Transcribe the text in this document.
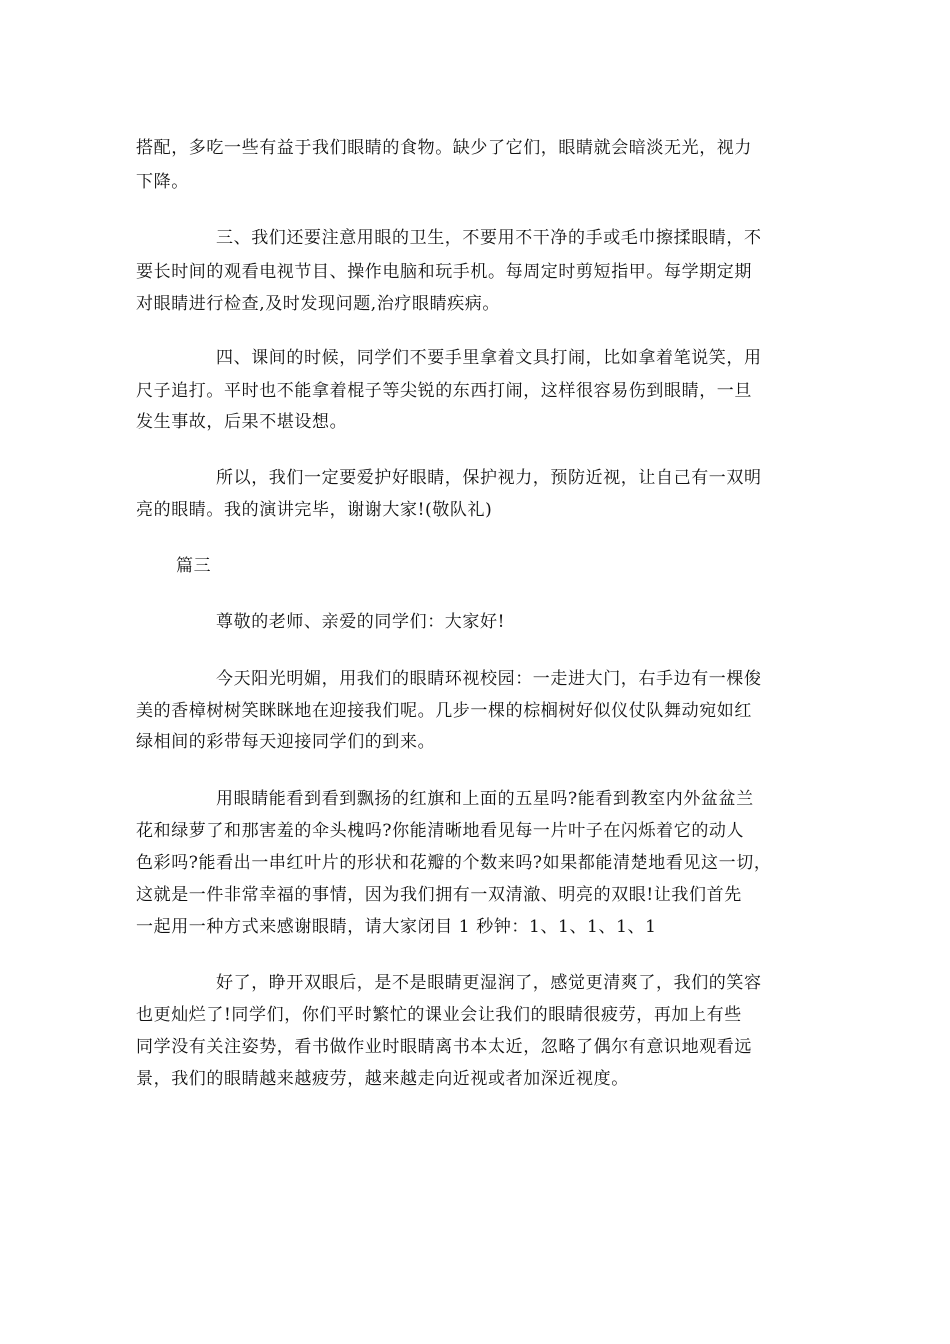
搭配，多吃一些有益于我们眼睛的食物。缺少了它们，眼睛就会暗淡无光，视力
下降。
三、我们还要注意用眼的卫生，不要用不干净的手或毛巾擦揉眼睛，不
要长时间的观看电视节目、操作电脑和玩手机。每周定时剪短指甲。每学期定期
对眼睛进行检查,及时发现问题,治疗眼睛疾病。
四、课间的时候，同学们不要手里拿着文具打闹，比如拿着笔说笑，用
尺子追打。平时也不能拿着棍子等尖锐的东西打闹，这样很容易伤到眼睛，一旦
发生事故，后果不堪设想。
所以，我们一定要爱护好眼睛，保护视力，预防近视，让自己有一双明
亮的眼睛。我的演讲完毕，谢谢大家!(敬队礼)
篇三
尊敬的老师、亲爱的同学们：大家好!
今天阳光明媚，用我们的眼睛环视校园：一走进大门，右手边有一棵俊
美的香樟树树笑眯眯地在迎接我们呢。几步一棵的棕榈树好似仪仗队舞动宛如红
绿相间的彩带每天迎接同学们的到来。
用眼睛能看到看到飘扬的红旗和上面的五星吗?能看到教室内外盆盆兰
花和绿萝了和那害羞的伞头槐吗?你能清晰地看见每一片叶子在闪烁着它的动人
色彩吗?能看出一串红叶片的形状和花瓣的个数来吗?如果都能清楚地看见这一切，
这就是一件非常幸福的事情，因为我们拥有一双清澈、明亮的双眼!让我们首先
一起用一种方式来感谢眼睛，请大家闭目 1 秒钟：1、1、1、1、1
好了，睁开双眼后，是不是眼睛更湿润了，感觉更清爽了，我们的笑容
也更灿烂了!同学们，你们平时繁忙的课业会让我们的眼睛很疲劳，再加上有些
同学没有关注姿势，看书做作业时眼睛离书本太近，忽略了偶尔有意识地观看远
景，我们的眼睛越来越疲劳，越来越走向近视或者加深近视度。
